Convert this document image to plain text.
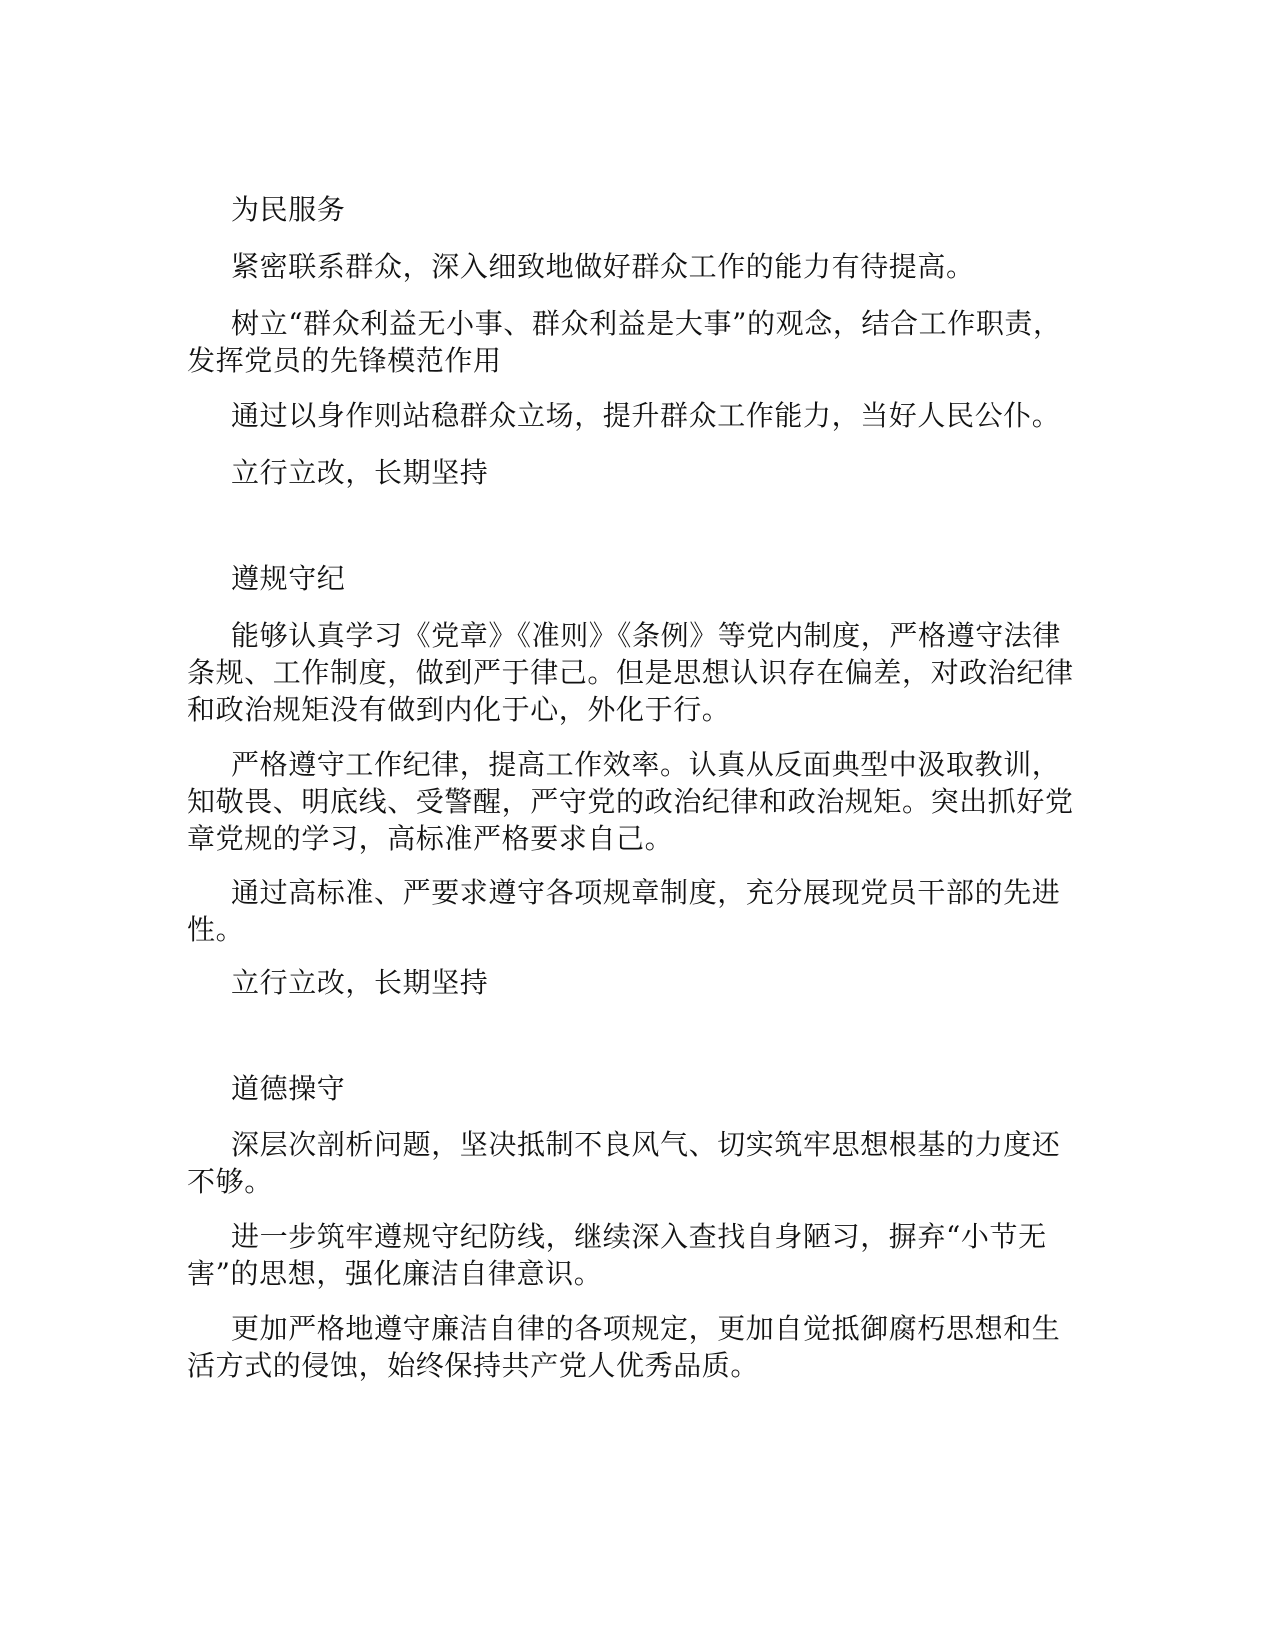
为民服务

紧密联系群众，深入细致地做好群众工作的能力有待提高。

树立“群众利益无小事、群众利益是大事”的观念，结合工作职责，发挥党员的先锋模范作用

通过以身作则站稳群众立场，提升群众工作能力，当好人民公仆。

立行立改，长期坚持

遵规守纪

能够认真学习《党章》《准则》《条例》等党内制度，严格遵守法律条规、工作制度，做到严于律己。但是思想认识存在偏差，对政治纪律和政治规矩没有做到内化于心，外化于行。

严格遵守工作纪律，提高工作效率。认真从反面典型中汲取教训，知敬畏、明底线、受警醒，严守党的政治纪律和政治规矩。突出抓好党章党规的学习，高标准严格要求自己。

通过高标准、严要求遵守各项规章制度，充分展现党员干部的先进性。

立行立改，长期坚持

道德操守

深层次剖析问题，坚决抵制不良风气、切实筑牢思想根基的力度还不够。

进一步筑牢遵规守纪防线，继续深入查找自身陋习，摒弃“小节无害”的思想，强化廉洁自律意识。

更加严格地遵守廉洁自律的各项规定，更加自觉抵御腐朽思想和生活方式的侵蚀，始终保持共产党人优秀品质。
